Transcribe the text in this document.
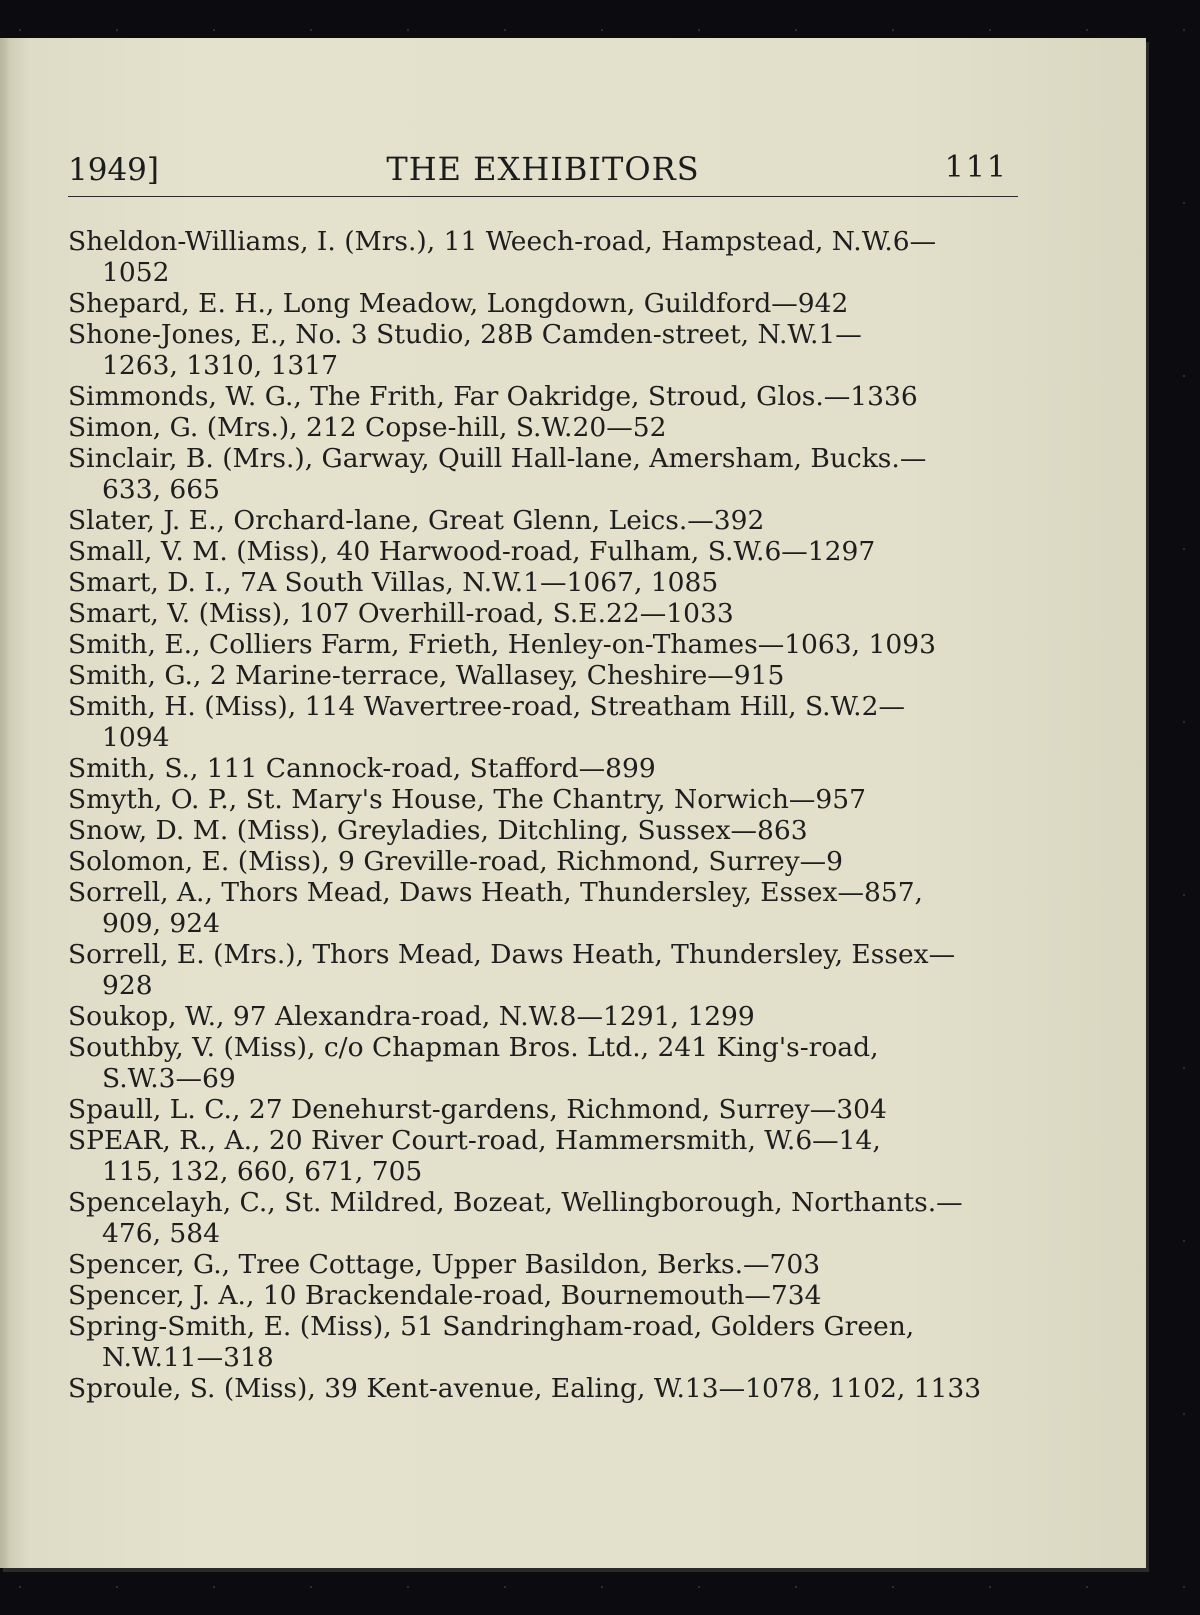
1949]	THE EXHIBITORS	111

Sheldon-Williams, I. (Mrs.), 11 Weech-road, Hampstead, N.W.6—
1052

Shepard, E. H., Long Meadow, Longdown, Guildford—942

Shone-Jones, E., No. 3 Studio, 28B Camden-street, N.W.1—
1263, 1310, 1317

Simmonds, W. G., The Frith, Far Oakridge, Stroud, Glos.—1336

Simon, G. (Mrs.), 212 Copse-hill, S.W.20—52

Sinclair, B. (Mrs.), Garway, Quill Hall-lane, Amersham, Bucks.—
633, 665

Slater, J. E., Orchard-lane, Great Glenn, Leics.—392

Small, V. M. (Miss), 40 Harwood-road, Fulham, S.W.6—1297

Smart, D. I., 7A South Villas, N.W.1—1067, 1085

Smart, V. (Miss), 107 Overhill-road, S.E.22—1033

Smith, E., Colliers Farm, Frieth, Henley-on-Thames—1063, 1093

Smith, G., 2 Marine-terrace, Wallasey, Cheshire—915

Smith, H. (Miss), 114 Wavertree-road, Streatham Hill, S.W.2—
1094

Smith, S., 111 Cannock-road, Stafford—899

Smyth, O. P., St. Mary's House, The Chantry, Norwich—957

Snow, D. M. (Miss), Greyladies, Ditchling, Sussex—863

Solomon, E. (Miss), 9 Greville-road, Richmond, Surrey—9

Sorrell, A., Thors Mead, Daws Heath, Thundersley, Essex—857,
909, 924

Sorrell, E. (Mrs.), Thors Mead, Daws Heath, Thundersley, Essex—
928

Soukop, W., 97 Alexandra-road, N.W.8—1291, 1299

Southby, V. (Miss), c/o Chapman Bros. Ltd., 241 King's-road,
S.W.3—69

Spaull, L. C., 27 Denehurst-gardens, Richmond, Surrey—304

SPEAR, R., A., 20 River Court-road, Hammersmith, W.6—14,
115, 132, 660, 671, 705

Spencelayh, C., St. Mildred, Bozeat, Wellingborough, Northants.—
476, 584

Spencer, G., Tree Cottage, Upper Basildon, Berks.—703

Spencer, J. A., 10 Brackendale-road, Bournemouth—734

Spring-Smith, E. (Miss), 51 Sandringham-road, Golders Green,
N.W.11—318

Sproule, S. (Miss), 39 Kent-avenue, Ealing, W.13—1078, 1102, 1133
